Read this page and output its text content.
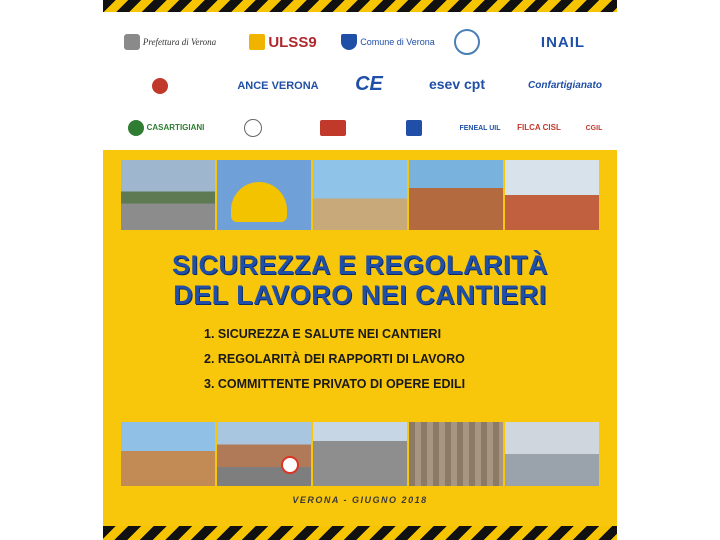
Prefettura di Verona	ULSS9	Comune di Verona	INAIL
ANCE VERONA CE	esev cpt	Confartigianato
CASARTIGIANI	FENEAL UIL FILCA CISL	CGIL
SICUREZZA E REGOLARITÀ
DEL LAVORO NEI CANTIERI
1. SICUREZZA E SALUTE NEI CANTIERI
2. REGOLARITÀ DEI RAPPORTI DI LAVORO
3. COMMITTENTE PRIVATO DI OPERE EDILI
VERONA - GIUGNO 2018
